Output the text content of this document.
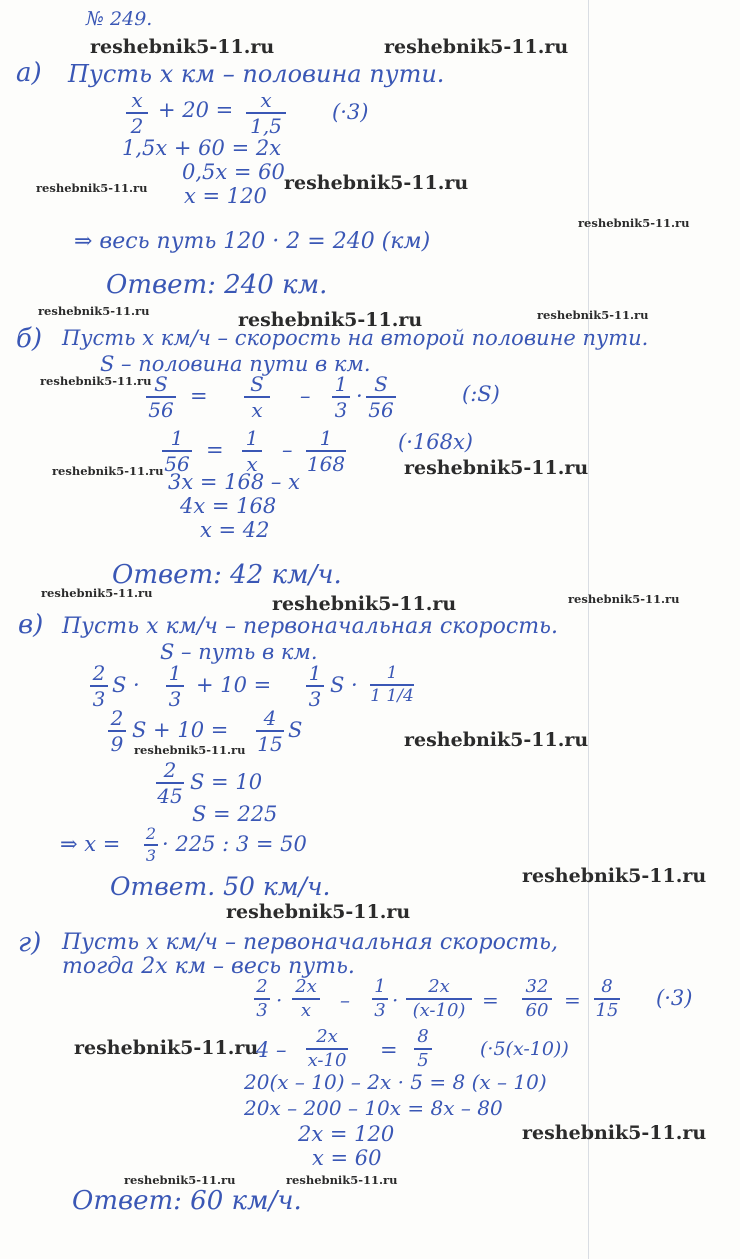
№ 249.
reshebnik5-11.ru	reshebnik5-11.ru
reshebnik5-11.ru	reshebnik5-11.ru
reshebnik5-11.ru
reshebnik5-11.ru	reshebnik5-11.ru	reshebnik5-11.ru
reshebnik5-11.ru
reshebnik5-11.ru	reshebnik5-11.ru
reshebnik5-11.ru	reshebnik5-11.ru	reshebnik5-11.ru
reshebnik5-11.ru
reshebnik5-11.ru
reshebnik5-11.ru
reshebnik5-11.ru
reshebnik5-11.ru
reshebnik5-11.ru
reshebnik5-11.ru	reshebnik5-11.ru
а) Пусть x км – половина пути.
x
2
+ 20 =	x
1,5
(·3)
1,5x + 60 = 2x
0,5x = 60
x = 120
⇒ весь путь 120 · 2 = 240 (км)
Ответ: 240 км.
б) Пусть x км/ч – скорость на второй половине пути.
S – половина пути в км.
S
56
=	S
x
– 1
3
· S
56
(:S)
1
56
= 1
x
–	1
168
(·168x)
3x = 168 – x
4x = 168
x = 42
Ответ: 42 км/ч.
в) Пусть x км/ч – первоначальная скорость.
S – путь в км.
2
3
S · 1
3
+ 10 = 1
3
S ·	1
1 1/4
2
9
S + 10 =	4
15
S
2
45
S = 10
S = 225
⇒ x = 2
3 · 225 : 3 = 50
Ответ. 50 км/ч.
г) Пусть x км/ч – первоначальная скорость,
тогда 2x км – весь путь.
2
3 ·
2x
x	–
1
3 ·
2x
(x-10) =
32
60 =
8
15
(·3)
4 –
2x
x-10 =
8
5
(·5(x-10))
20(x – 10) – 2x · 5 = 8 (x – 10)
20x – 200 – 10x = 8x – 80
2x = 120
x = 60
Ответ: 60 км/ч.
